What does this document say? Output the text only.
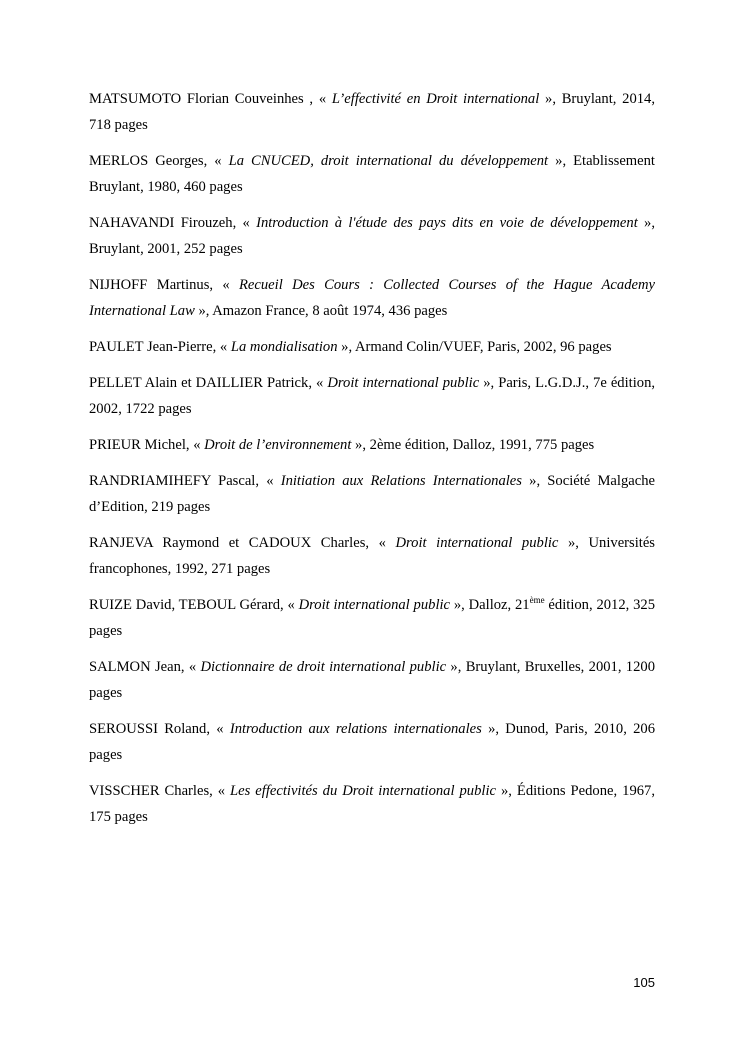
MATSUMOTO Florian Couveinhes , « L’effectivité en Droit international », Bruylant, 2014, 718 pages

MERLOS Georges, « La CNUCED, droit international du développement », Etablissement Bruylant, 1980, 460 pages

NAHAVANDI Firouzeh, « Introduction à l'étude des pays dits en voie de développement », Bruylant, 2001, 252 pages

NIJHOFF Martinus, « Recueil Des Cours : Collected Courses of the Hague Academy International Law », Amazon France, 8 août 1974, 436 pages

PAULET Jean-Pierre, « La mondialisation », Armand Colin/VUEF, Paris, 2002, 96 pages

PELLET Alain et DAILLIER Patrick, « Droit international public », Paris, L.G.D.J., 7e édition, 2002, 1722 pages

PRIEUR Michel, « Droit de l’environnement », 2ème édition, Dalloz, 1991, 775 pages

RANDRIAMIHEFY Pascal, « Initiation aux Relations Internationales », Société Malgache d’Edition, 219 pages

RANJEVA Raymond et CADOUX Charles, « Droit international public », Universités francophones, 1992, 271 pages

RUIZE David, TEBOUL Gérard, « Droit international public », Dalloz, 21ème édition, 2012, 325 pages

SALMON Jean, « Dictionnaire de droit international public », Bruylant, Bruxelles, 2001, 1200 pages

SEROUSSI Roland, « Introduction aux relations internationales », Dunod, Paris, 2010, 206 pages

VISSCHER Charles, « Les effectivités du Droit international public », Éditions Pedone, 1967, 175 pages

105
